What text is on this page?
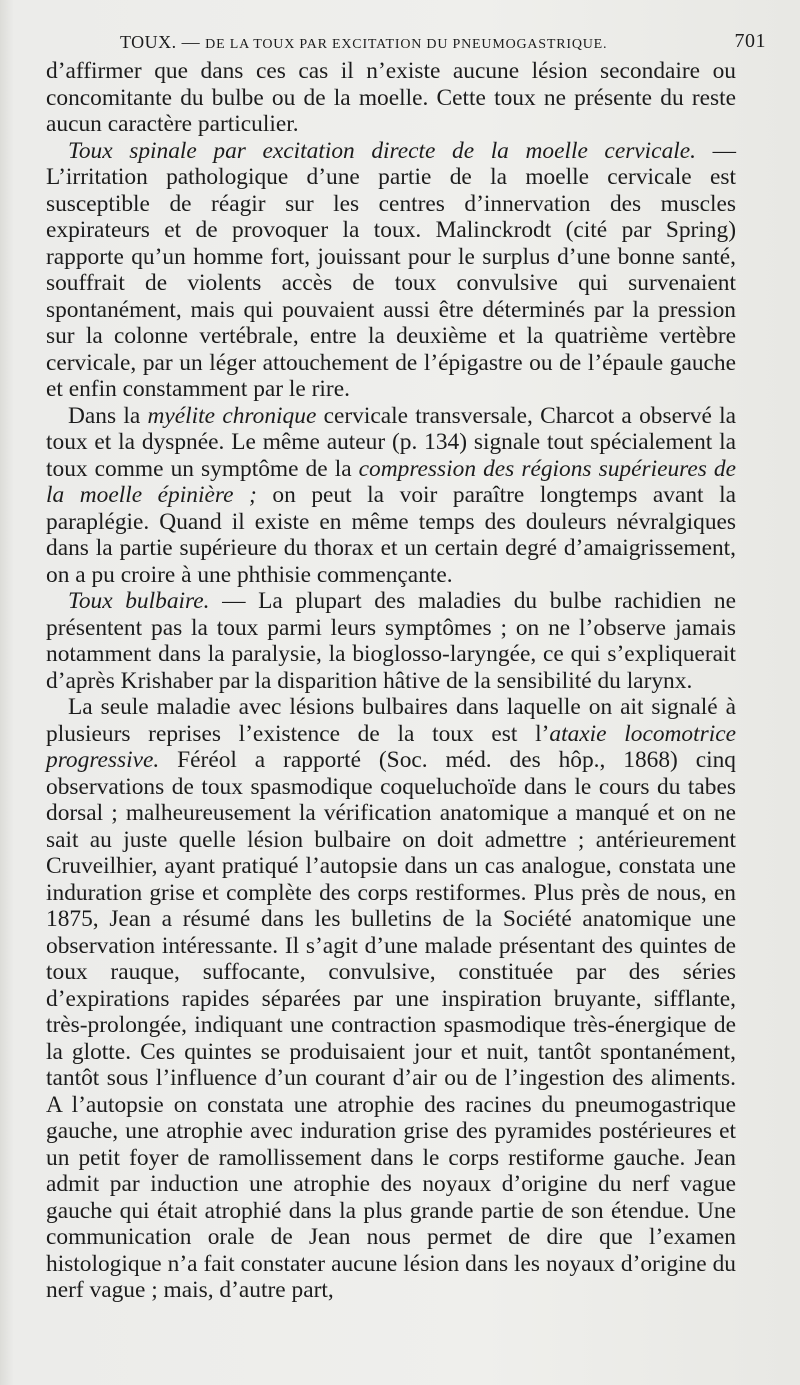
TOUX. — DE LA TOUX PAR EXCITATION DU PNEUMOGASTRIQUE.	701

d’affirmer que dans ces cas il n’existe aucune lésion secondaire ou concomitante du bulbe ou de la moelle. Cette toux ne présente du reste aucun caractère particulier.

Toux spinale par excitation directe de la moelle cervicale. — L’irritation pathologique d’une partie de la moelle cervicale est susceptible de réagir sur les centres d’innervation des muscles expirateurs et de provoquer la toux. Malinckrodt (cité par Spring) rapporte qu’un homme fort, jouissant pour le surplus d’une bonne santé, souffrait de violents accès de toux convulsive qui survenaient spontanément, mais qui pouvaient aussi être déterminés par la pression sur la colonne vertébrale, entre la deuxième et la quatrième vertèbre cervicale, par un léger attouchement de l’épigastre ou de l’épaule gauche et enfin constamment par le rire.

Dans la myélite chronique cervicale transversale, Charcot a observé la toux et la dyspnée. Le même auteur (p. 134) signale tout spécialement la toux comme un symptôme de la compression des régions supérieures de la moelle épinière ; on peut la voir paraître longtemps avant la paraplégie. Quand il existe en même temps des douleurs névralgiques dans la partie supérieure du thorax et un certain degré d’amaigrissement, on a pu croire à une phthisie commençante.

Toux bulbaire. — La plupart des maladies du bulbe rachidien ne présentent pas la toux parmi leurs symptômes ; on ne l’observe jamais notamment dans la paralysie, la bioglosso-laryngée, ce qui s’expliquerait d’après Krishaber par la disparition hâtive de la sensibilité du larynx.

La seule maladie avec lésions bulbaires dans laquelle on ait signalé à plusieurs reprises l’existence de la toux est l’ataxie locomotrice progressive. Féréol a rapporté (Soc. méd. des hôp., 1868) cinq observations de toux spasmodique coqueluchoïde dans le cours du tabes dorsal ; malheureusement la vérification anatomique a manqué et on ne sait au juste quelle lésion bulbaire on doit admettre ; antérieurement Cruveilhier, ayant pratiqué l’autopsie dans un cas analogue, constata une induration grise et complète des corps restiformes. Plus près de nous, en 1875, Jean a résumé dans les bulletins de la Société anatomique une observation intéressante. Il s’agit d’une malade présentant des quintes de toux rauque, suffocante, convulsive, constituée par des séries d’expirations rapides séparées par une inspiration bruyante, sifflante, très-prolongée, indiquant une contraction spasmodique très-énergique de la glotte. Ces quintes se produisaient jour et nuit, tantôt spontanément, tantôt sous l’influence d’un courant d’air ou de l’ingestion des aliments. A l’autopsie on constata une atrophie des racines du pneumogastrique gauche, une atrophie avec induration grise des pyramides postérieures et un petit foyer de ramollissement dans le corps restiforme gauche. Jean admit par induction une atrophie des noyaux d’origine du nerf vague gauche qui était atrophié dans la plus grande partie de son étendue. Une communication orale de Jean nous permet de dire que l’examen histologique n’a fait constater aucune lésion dans les noyaux d’origine du nerf vague ; mais, d’autre part,
